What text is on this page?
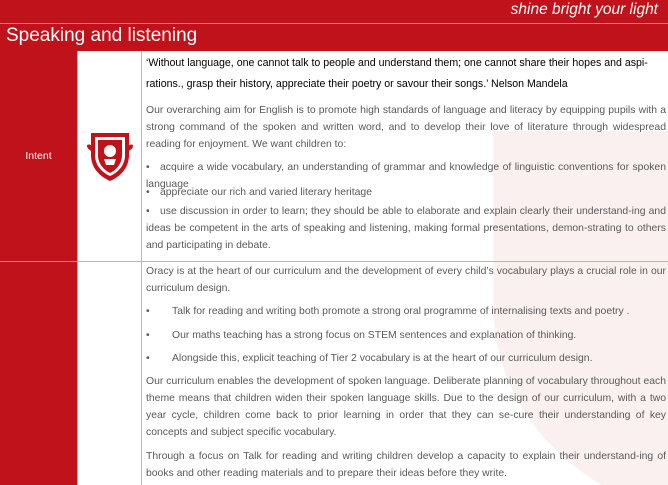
shine bright your light
Speaking and listening
Intent
‘Without language, one cannot talk to people and understand them; one cannot share their hopes and aspi-
rations., grasp their history, appreciate their poetry or savour their songs.’ Nelson Mandela
Our overarching aim for English is to promote high standards of language and literacy by equipping pupils with a strong command of the spoken and written word, and to develop their love of literature through widespread reading for enjoyment. We want children to:
• acquire a wide vocabulary, an understanding of grammar and knowledge of linguistic conventions for spoken language
• appreciate our rich and varied literary heritage
• use discussion in order to learn; they should be able to elaborate and explain clearly their understand-ing and ideas be competent in the arts of speaking and listening, making formal presentations, demon-strating to others and participating in debate.
Oracy is at the heart of our curriculum and the development of every child’s vocabulary plays a crucial role in our curriculum design.
• Talk for reading and writing both promote a strong oral programme of internalising texts and poetry .
• Our maths teaching has a strong focus on STEM sentences and explanation of thinking.
• Alongside this, explicit teaching of Tier 2 vocabulary is at the heart of our curriculum design.
Our curriculum enables the development of spoken language. Deliberate planning of vocabulary throughout each theme means that children widen their spoken language skills. Due to the design of our curriculum, with a two year cycle, children come back to prior learning in order that they can se-cure their understanding of key concepts and subject specific vocabulary.
Through a focus on Talk for reading and writing children develop a capacity to explain their understand-ing of books and other reading materials and to prepare their ideas before they write.
